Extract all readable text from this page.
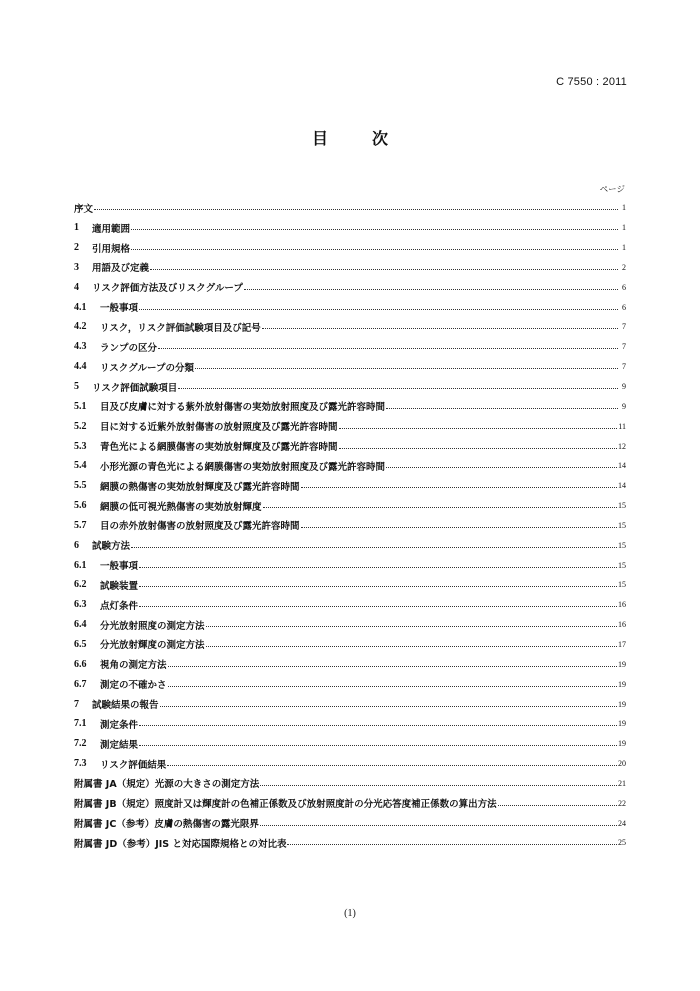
C 7550 : 2011
目　次
ページ
序文	1
1	適用範囲	1
2	引用規格	1
3	用語及び定義	2
4	リスク評価方法及びリスクグループ	6
4.1	一般事項	6
4.2	リスク，リスク評価試験項目及び記号	7
4.3	ランプの区分	7
4.4	リスクグループの分類	7
5	リスク評価試験項目	9
5.1	目及び皮膚に対する紫外放射傷害の実効放射照度及び露光許容時間	9
5.2	目に対する近紫外放射傷害の放射照度及び露光許容時間	11
5.3	青色光による網膜傷害の実効放射輝度及び露光許容時間	12
5.4	小形光源の青色光による網膜傷害の実効放射照度及び露光許容時間	14
5.5	網膜の熱傷害の実効放射輝度及び露光許容時間	14
5.6	網膜の低可視光熱傷害の実効放射輝度	15
5.7	目の赤外放射傷害の放射照度及び露光許容時間	15
6	試験方法	15
6.1	一般事項	15
6.2	試験装置	15
6.3	点灯条件	16
6.4	分光放射照度の測定方法	16
6.5	分光放射輝度の測定方法	17
6.6	視角の測定方法	19
6.7	測定の不確かさ	19
7	試験結果の報告	19
7.1	測定条件	19
7.2	測定結果	19
7.3	リスク評価結果	20
附属書 JA（規定）光源の大きさの測定方法	21
附属書 JB（規定）照度計又は輝度計の色補正係数及び放射照度計の分光応答度補正係数の算出方法	22
附属書 JC（参考）皮膚の熱傷害の露光限界	24
附属書 JD（参考）JIS と対応国際規格との対比表	25
(1)
